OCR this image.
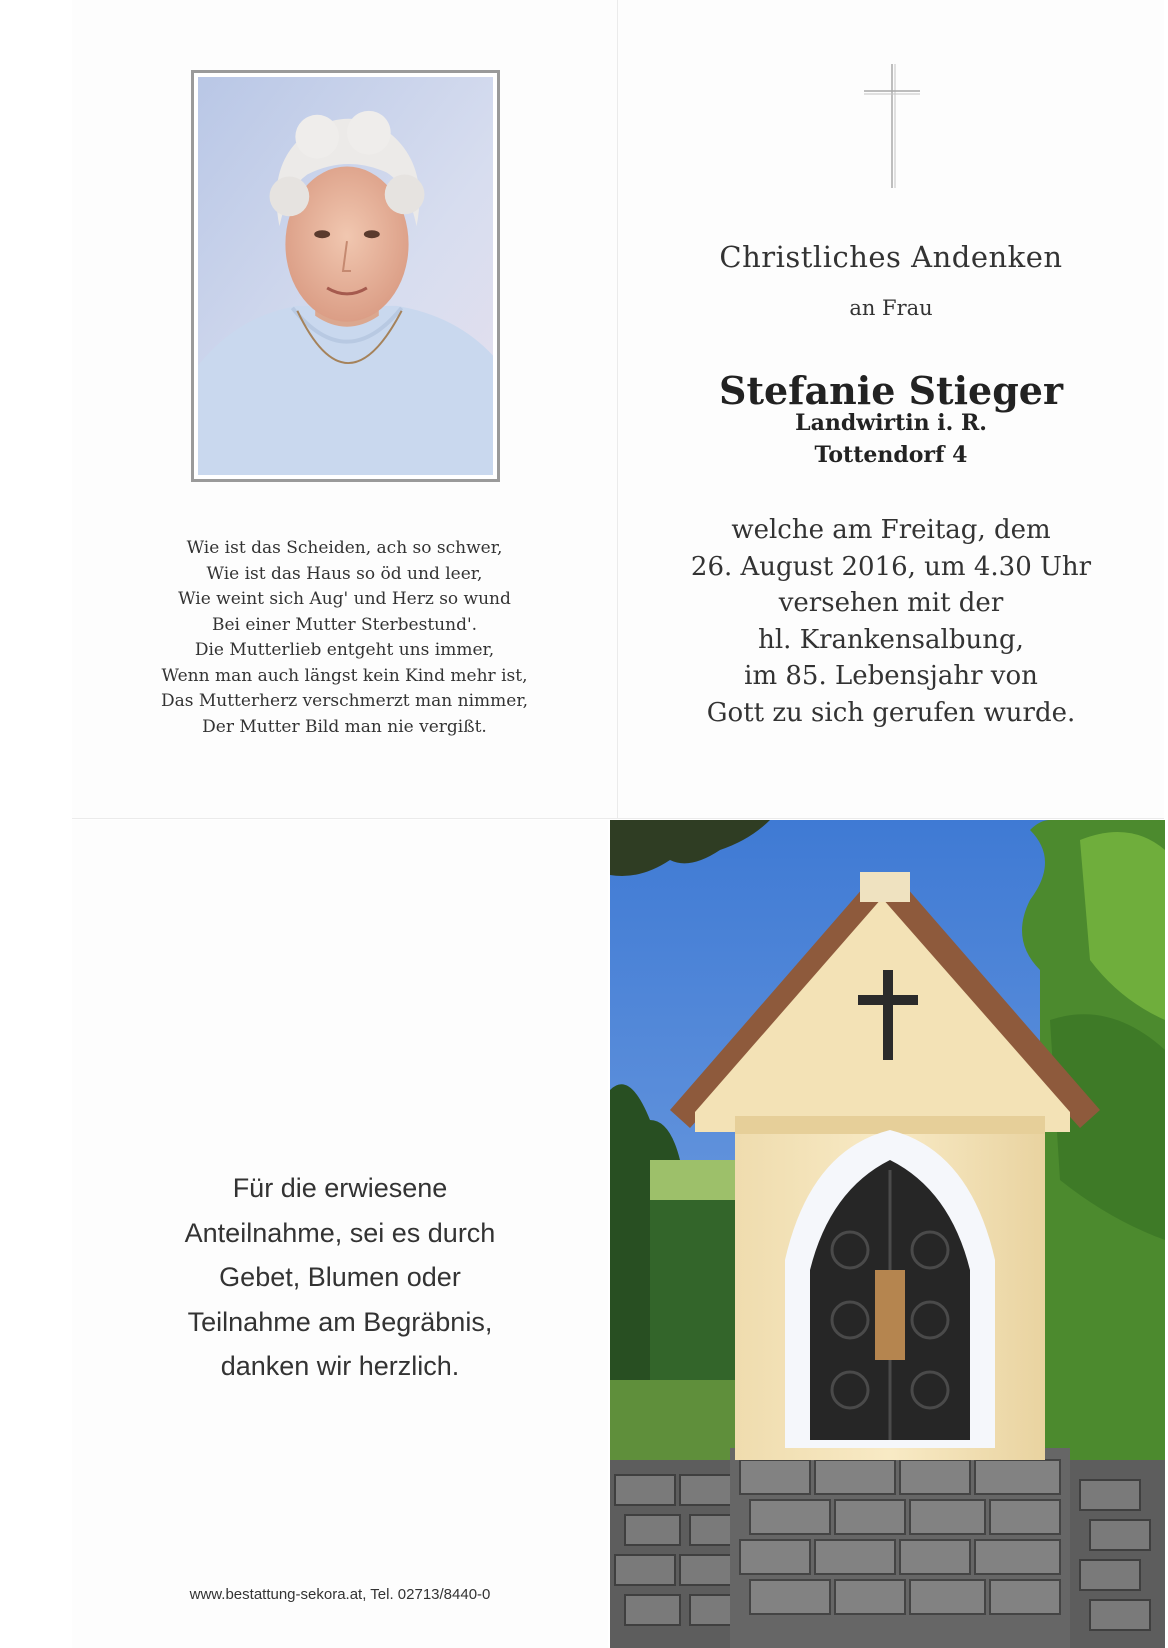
Wie ist das Scheiden, ach so schwer,
Wie ist das Haus so öd und leer,
Wie weint sich Aug' und Herz so wund
Bei einer Mutter Sterbestund'.
Die Mutterlieb entgeht uns immer,
Wenn man auch längst kein Kind mehr ist,
Das Mutterherz verschmerzt man nimmer,
Der Mutter Bild man nie vergißt.
Christliches Andenken
an Frau
Stefanie Stieger
Landwirtin i. R.
Tottendorf 4
welche am Freitag, dem
26. August 2016, um 4.30 Uhr
versehen mit der
hl. Krankensalbung,
im 85. Lebensjahr von
Gott zu sich gerufen wurde.
Für die erwiesene
Anteilnahme, sei es durch
Gebet, Blumen oder
Teilnahme am Begräbnis,
danken wir herzlich.
www.bestattung-sekora.at, Tel. 02713/8440-0
